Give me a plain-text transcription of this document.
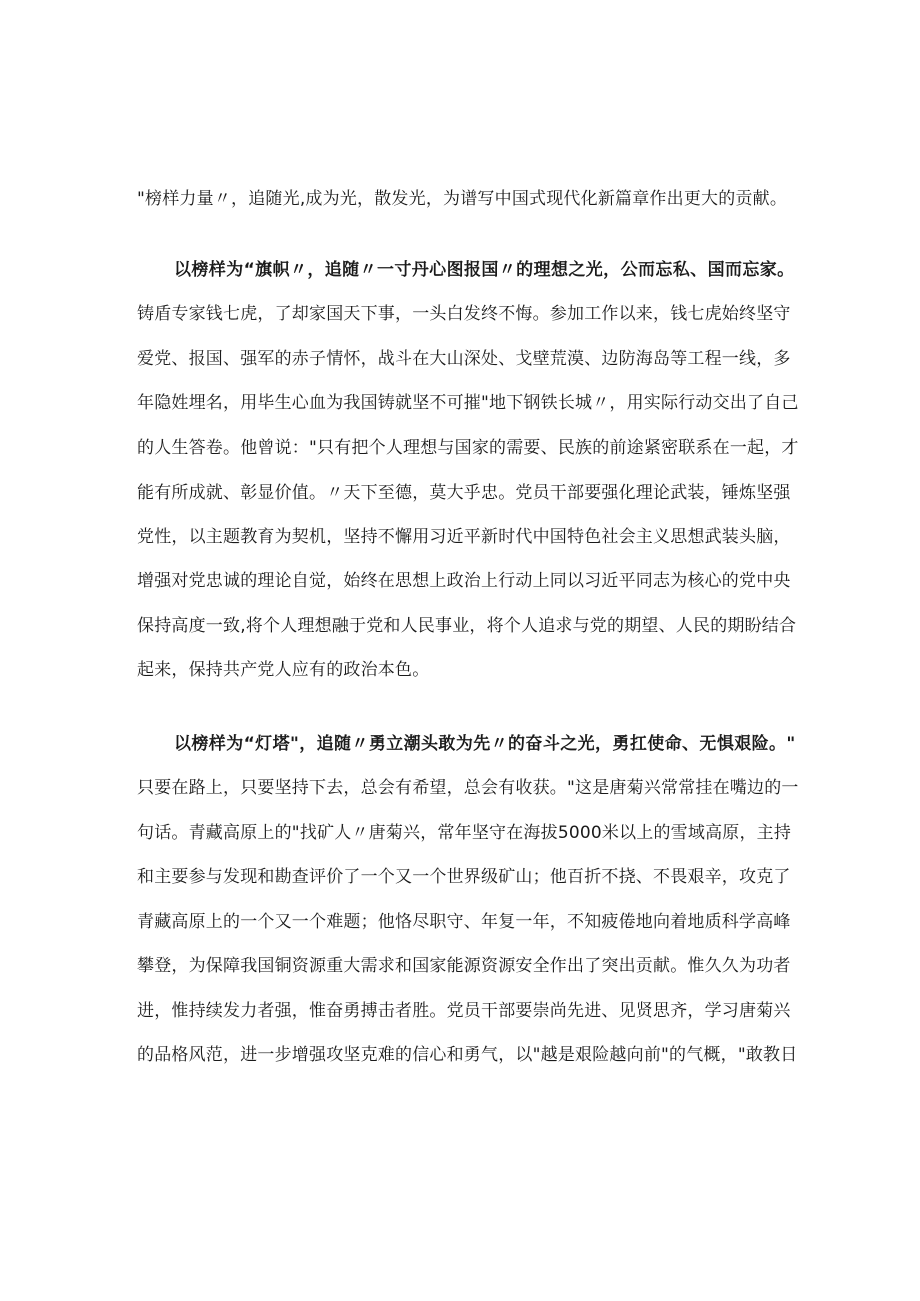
"榜样力量〃，追随光,成为光，散发光，为谱写中国式现代化新篇章作出更大的贡献。
以榜样为“旗帜〃，追随〃一寸丹心图报国〃的理想之光，公而忘私、国而忘家。
铸盾专家钱七虎，了却家国天下事，一头白发终不悔。参加工作以来，钱七虎始终坚守
爱党、报国、强军的赤子情怀，战斗在大山深处、戈壁荒漠、边防海岛等工程一线，多
年隐姓埋名，用毕生心血为我国铸就坚不可摧"地下钢铁长城〃，用实际行动交出了自己
的人生答卷。他曾说："只有把个人理想与国家的需要、民族的前途紧密联系在一起，才
能有所成就、彰显价值。〃天下至德，莫大乎忠。党员干部要强化理论武装，锤炼坚强
党性，以主题教育为契机，坚持不懈用习近平新时代中国特色社会主义思想武装头脑，
增强对党忠诚的理论自觉，始终在思想上政治上行动上同以习近平同志为核心的党中央
保持高度一致,将个人理想融于党和人民事业，将个人追求与党的期望、人民的期盼结合
起来，保持共产党人应有的政治本色。
以榜样为“灯塔"，追随〃勇立潮头敢为先〃的奋斗之光，勇扛使命、无惧艰险。"
只要在路上，只要坚持下去，总会有希望，总会有收获。"这是唐菊兴常常挂在嘴边的一
句话。青藏高原上的"找矿人〃唐菊兴，常年坚守在海拔5000米以上的雪域高原，主持
和主要参与发现和勘查评价了一个又一个世界级矿山；他百折不挠、不畏艰辛，攻克了
青藏高原上的一个又一个难题；他恪尽职守、年复一年，不知疲倦地向着地质科学高峰
攀登，为保障我国铜资源重大需求和国家能源资源安全作出了突出贡献。惟久久为功者
进，惟持续发力者强，惟奋勇搏击者胜。党员干部要崇尚先进、见贤思齐，学习唐菊兴
的品格风范，进一步增强攻坚克难的信心和勇气，以"越是艰险越向前"的气概，"敢教日
